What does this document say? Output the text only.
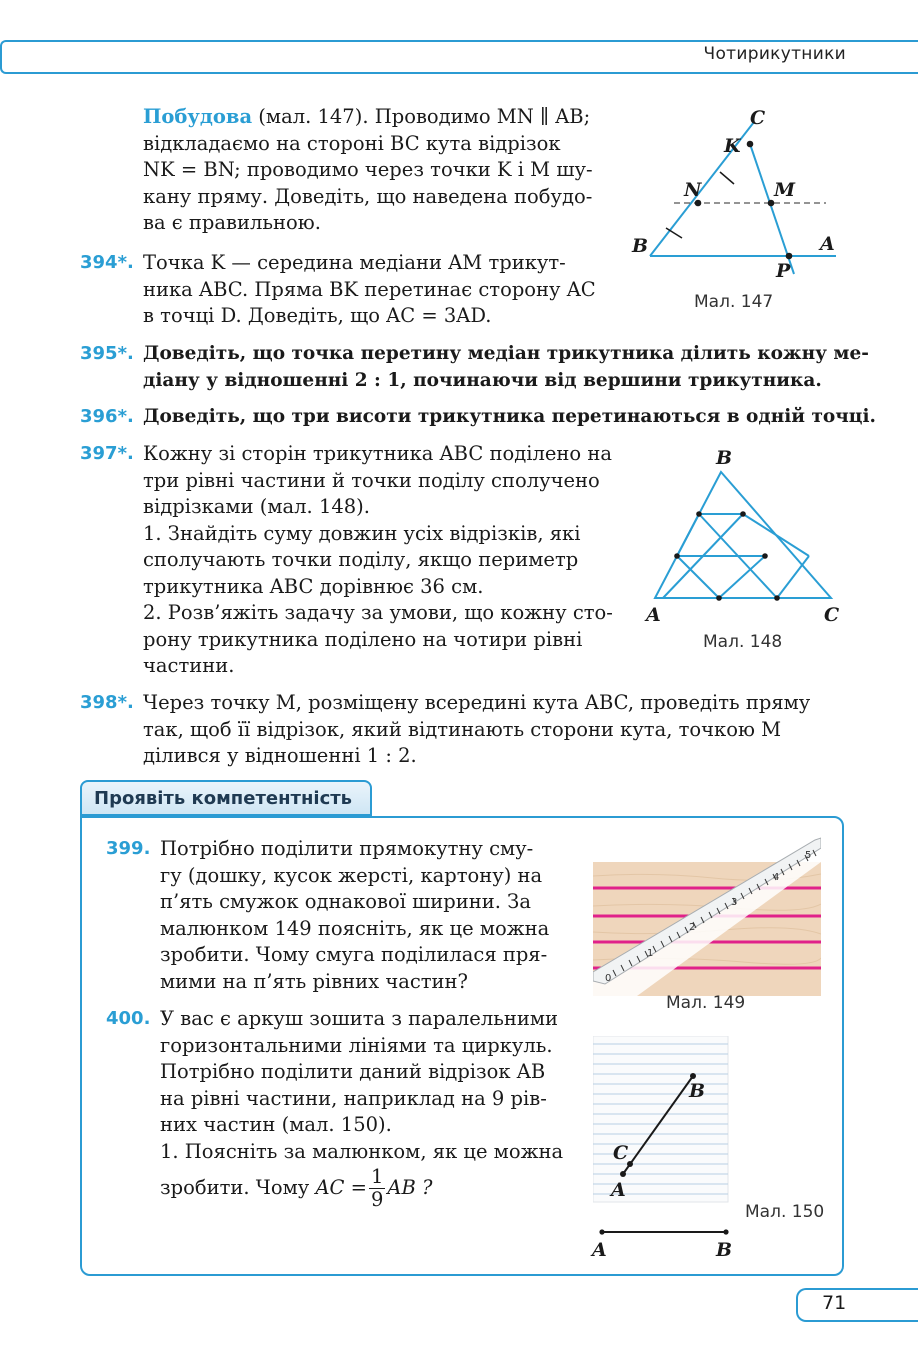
Чотирикутники
Побудова (мал. 147). Проводимо MN ∥ AB;
відкладаємо на стороні BC кута відрізок
NK = BN; проводимо через точки K і M шу-
кану пряму. Доведіть, що наведена побудо-
ва є правильною.
C
K
N	M
B	A
P
Мал. 147
394*. Точка K — середина медіани AM трикут-
ника ABC. Пряма BK перетинає сторону AC
в точці D. Доведіть, що AC = 3AD.
395*. Доведіть, що точка перетину медіан трикутника ділить кожну ме-
діану у відношенні 2 : 1, починаючи від вершини трикутника.
396*. Доведіть, що три висоти трикутника перетинаються в одній точці.
397*. Кожну зі сторін трикутника ABC поділено на
три рівні частини й точки поділу сполучено
відрізками (мал. 148).
1. Знайдіть суму довжин усіх відрізків, які
сполучають точки поділу, якщо периметр
трикутника ABC дорівнює 36 см.
2. Розв’яжіть задачу за умови, що кожну сто-
рону трикутника поділено на чотири рівні
частини.
B
A	C
Мал. 148
398*. Через точку M, розміщену всередині кута ABC, проведіть пряму
так, щоб її відрізок, який відтинають сторони кута, точкою M
ділився у відношенні 1 : 2.
Проявіть компетентність
399. Потрібно поділити прямокутну сму-
гу (дошку, кусок жерсті, картону) на
п’ять смужок однакової ширини. За
малюнком 149 поясніть, як це можна
зробити. Чому смуга поділилася пря-
мими на п’ять рівних частин?	0
1
2
3
4
5
Мал. 149
400. У вас є аркуш зошита з паралельними
горизонтальними лініями та циркуль.
Потрібно поділити даний відрізок AB
на рівні частини, наприклад на 9 рів-
них частин (мал. 150).
1. Поясніть за малюнком, як це можна
зробити. Чому AC = $\frac{1}{9}$ AB ?
B
C
A
Мал. 150
A	B
71
